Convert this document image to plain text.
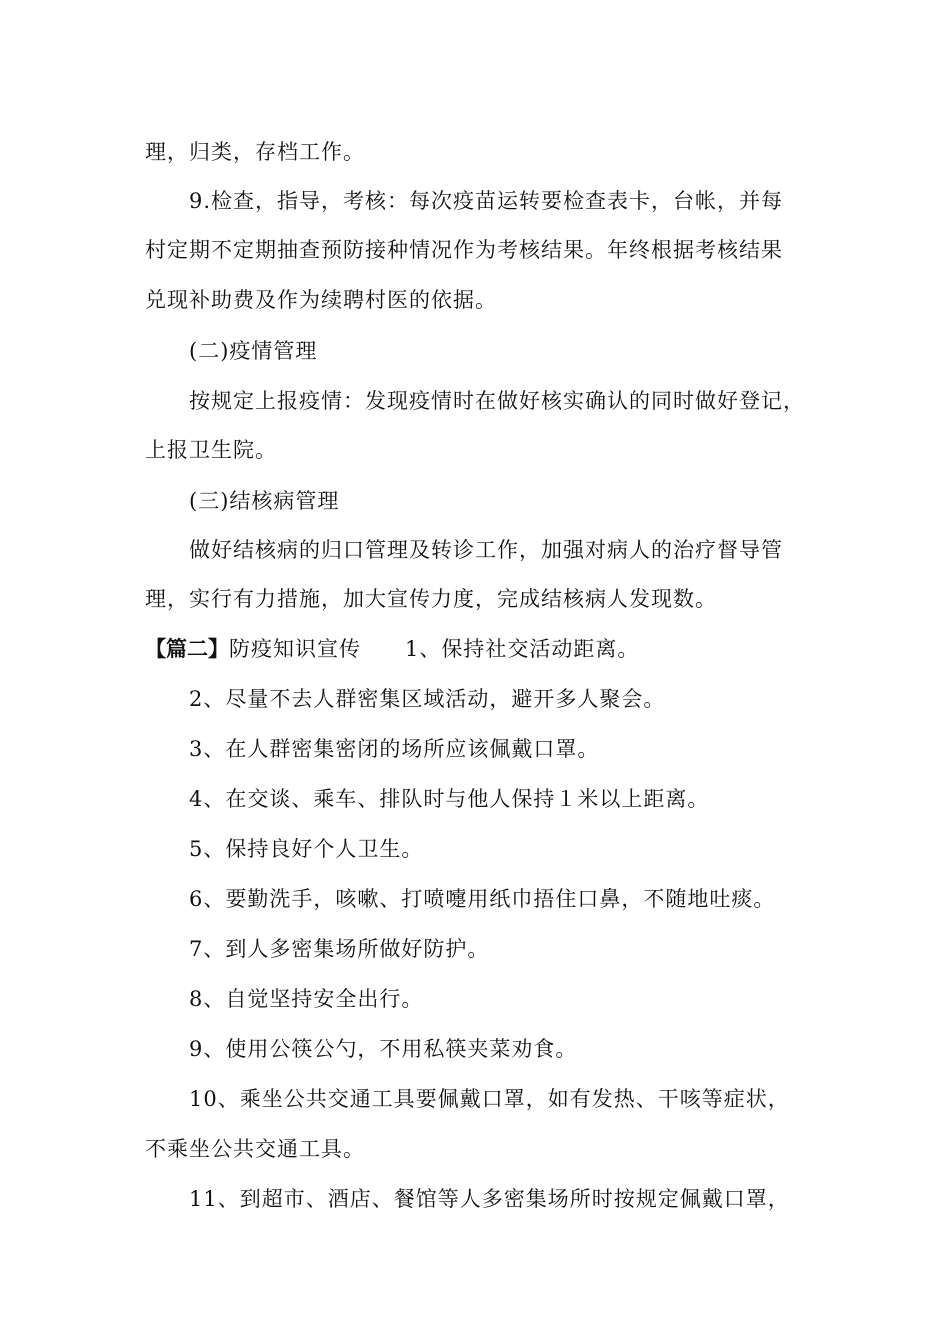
理，归类，存档工作。
9.检查，指导，考核：每次疫苗运转要检查表卡，台帐，并每
村定期不定期抽查预防接种情况作为考核结果。年终根据考核结果
兑现补助费及作为续聘村医的依据。
(二)疫情管理
按规定上报疫情：发现疫情时在做好核实确认的同时做好登记，
上报卫生院。
(三)结核病管理
做好结核病的归口管理及转诊工作，加强对病人的治疗督导管
理，实行有力措施，加大宣传力度，完成结核病人发现数。
【篇二】防疫知识宣传 1、保持社交活动距离。
2、尽量不去人群密集区域活动，避开多人聚会。
3、在人群密集密闭的场所应该佩戴口罩。
4、在交谈、乘车、排队时与他人保持１米以上距离。
5、保持良好个人卫生。
6、要勤洗手，咳嗽、打喷嚏用纸巾捂住口鼻，不随地吐痰。
7、到人多密集场所做好防护。
8、自觉坚持安全出行。
9、使用公筷公勺，不用私筷夹菜劝食。
10、乘坐公共交通工具要佩戴口罩，如有发热、干咳等症状，
不乘坐公共交通工具。
11、到超市、酒店、餐馆等人多密集场所时按规定佩戴口罩，
